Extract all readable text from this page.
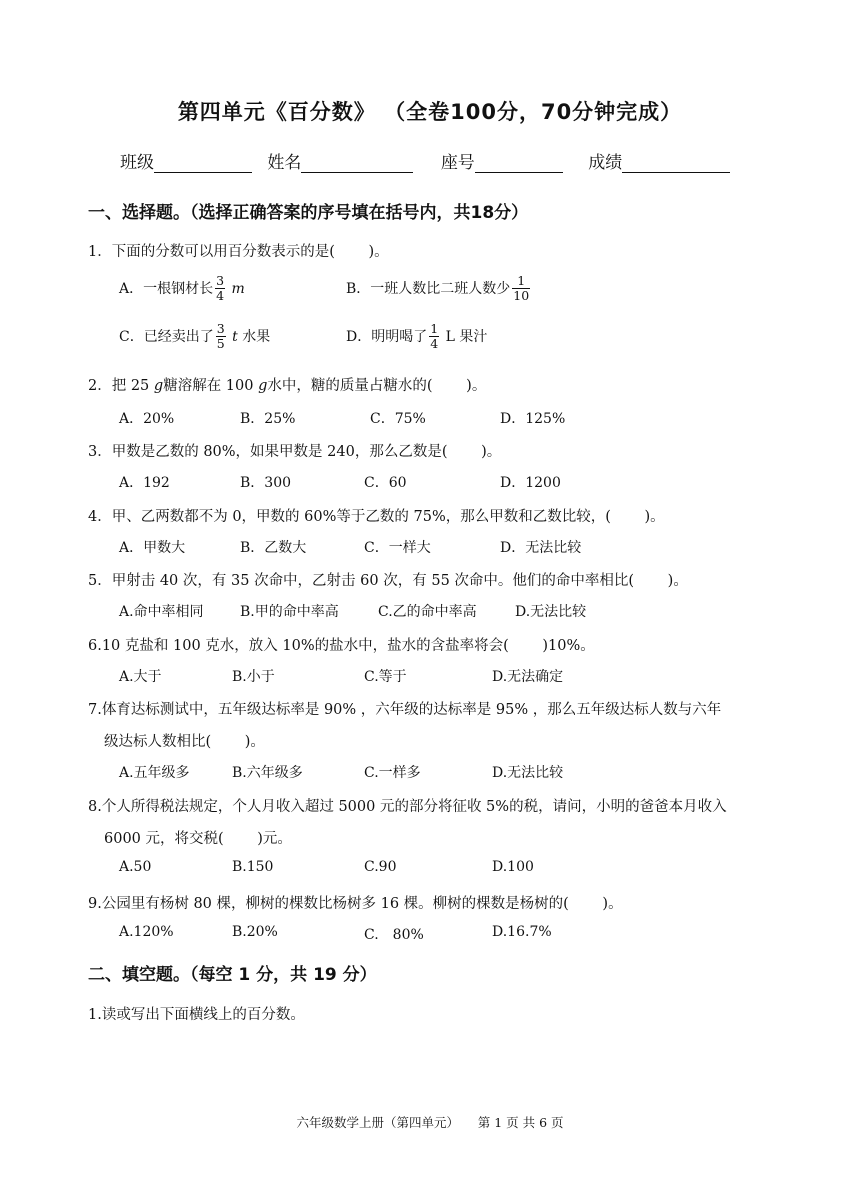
第四单元《百分数》 （全卷100分，70分钟完成）
班级	姓名	座号	成绩
一、选择题。（选择正确答案的序号填在括号内，共18分）
1．下面的分数可以用百分数表示的是(　　 )。
A．一根钢材长 $\frac{3}{4}$ m	B．一班人数比二班人数少 $\frac{1}{10}$
C．已经卖出了 $\frac{3}{5}$ t 水果	D．明明喝了 $\frac{1}{4}$ L 果汁
2．把 25 g糖溶解在 100 g水中，糖的质量占糖水的(　　 )。
A．20%	B．25%	C．75%	D．125%
3．甲数是乙数的 80%，如果甲数是 240，那么乙数是(　　 )。
A．192	B．300	C．60	D．1200
4．甲、乙两数都不为 0，甲数的 60%等于乙数的 75%，那么甲数和乙数比较，(　　 )。
A．甲数大	B．乙数大	C．一样大	D．无法比较
5．甲射击 40 次，有 35 次命中，乙射击 60 次，有 55 次命中。他们的命中率相比(　　 )。
A.命中率相同	B.甲的命中率高	C.乙的命中率高	D.无法比较
6.10 克盐和 100 克水，放入 10%的盐水中，盐水的含盐率将会(　　 )10%。
A.大于	B.小于	C.等于	D.无法确定
7.体育达标测试中，五年级达标率是 90% ，六年级的达标率是 95% ，那么五年级达标人数与六年
级达标人数相比(　　 )。
A.五年级多	B.六年级多	C.一样多	D.无法比较
8.个人所得税法规定，个人月收入超过 5000 元的部分将征收 5%的税，请问，小明的爸爸本月收入
6000 元，将交税(　　 )元。
A.50	B.150	C.90	D.100
9.公园里有杨树 80 棵，柳树的棵数比杨树多 16 棵。柳树的棵数是杨树的(　　 )。
A.120%	B.20%	C.　80%	D.16.7%
二、填空题。（每空 1 分，共 19 分）
1.读或写出下面横线上的百分数。
六年级数学上册（第四单元）　　第 1 页 共 6 页
